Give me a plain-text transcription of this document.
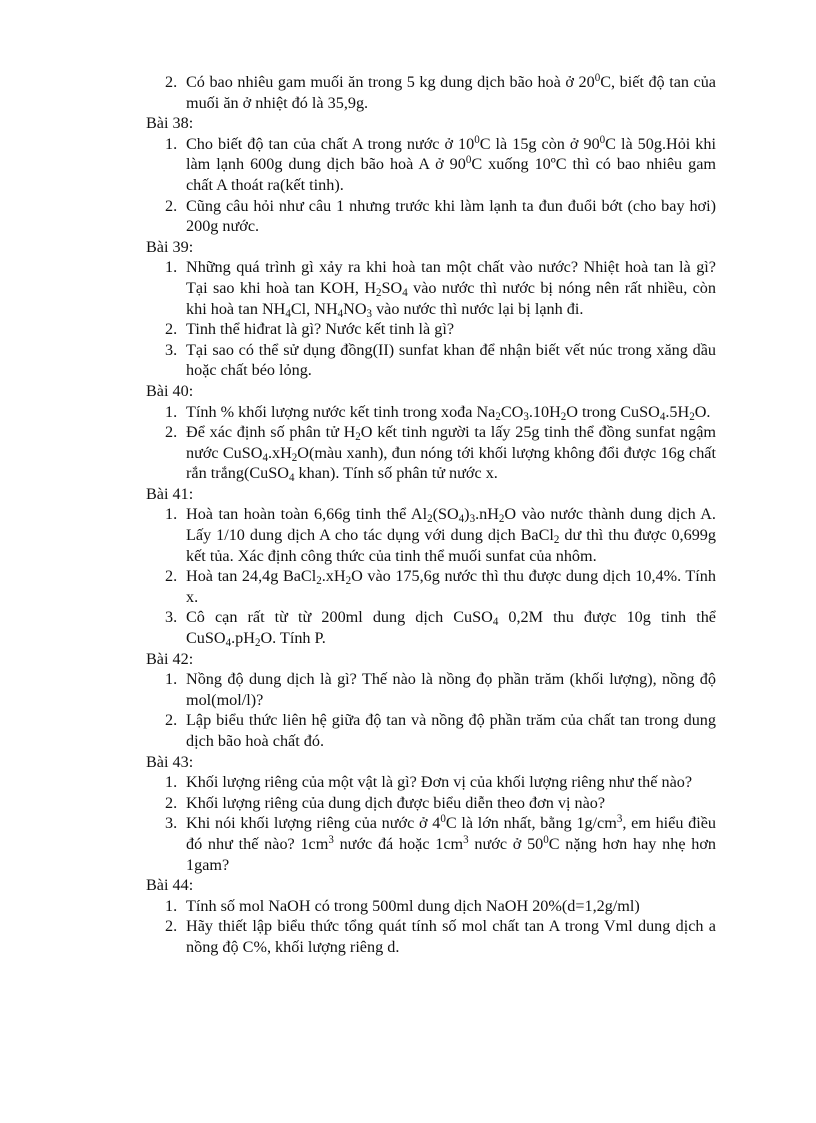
2. Có bao nhiêu gam muối ăn trong 5 kg dung dịch bão hoà ở $20^0C$, biết độ tan của muối ăn ở nhiệt đó là 35,9g.
Bài 38:
1. Cho biết độ tan của chất A trong nước ở $10^0C$ là 15g còn ở $90^0C$ là 50g.Hỏi khi làm lạnh 600g dung dịch bão hoà A ở $90^0C$ xuống 10ºC thì có bao nhiêu gam chất A thoát ra(kết tinh).
2. Cũng câu hỏi như câu 1 nhưng trước khi làm lạnh ta đun đuổi bớt (cho bay hơi) 200g nước.
Bài 39:
1. Những quá trình gì xảy ra khi hoà tan một chất vào nước? Nhiệt hoà tan là gì? Tại sao khi hoà tan KOH, $H_2SO_4$ vào nước thì nước bị nóng nên rất nhiều, còn khi hoà $\tan NH_4Cl$, $NH_4NO_3$ vào nước thì nước lại bị lạnh đi.
2. Tinh thể hiđrat là gì? Nước kết tinh là gì?
3. Tại sao có thể sử dụng đồng(II) sunfat khan để nhận biết vết núc trong xăng dầu hoặc chất béo lỏng.
Bài 40:
1. Tính % khối lượng nước kết tinh trong xođa $Na_2CO_3.10H_2O$ trong $CuSO_4.5H_2O$.
2. Để xác định số phân tử $H_2O$ kết tinh người ta lấy 25g tinh thể đồng sunfat ngậm nước $CuSO_4.xH_2O(màu$ xanh), đun nóng tới khối lượng không đổi được 16g chất rắn trắng(CuSO$_4$ khan). Tính số phân tử nước x.
Bài 41:
1. Hoà tan hoàn toàn 6,66g tinh thể $Al_2(SO_4)_3.nH_2O$ vào nước thành dung dịch A. Lấy 1/10 dung dịch A cho tác dụng với dung dịch BaCl$_2$ dư thì thu được 0,699g kết tủa. Xác định công thức của tinh thể muối sunfat của nhôm.
2. Hoà tan 24,4g $BaCl_2.xH_2O$ vào 175,6g nước thì thu được dung dịch 10,4%. Tính x.
3. Cô cạn rất từ từ 200ml dung dịch CuSO$_4$ 0,2M thu được 10g tinh thể $CuSO_4.pH_2O$. Tính P.
Bài 42:
1. Nồng độ dung dịch là gì? Thế nào là nồng đọ phần trăm (khối lượng), nồng độ mol(mol/l)?
2. Lập biểu thức liên hệ giữa độ tan và nồng độ phần trăm của chất tan trong dung dịch bão hoà chất đó.
Bài 43:
1. Khối lượng riêng của một vật là gì? Đơn vị của khối lượng riêng như thế nào?
2. Khối lượng riêng của dung dịch được biểu diễn theo đơn vị nào?
3. Khi nói khối lượng riêng của nước ở $4^0C$ là lớn nhất, bằng $1g/cm^3$, em hiểu điều đó như thế nào? $1cm^3$ nước đá hoặc $1cm^3$ nước ở $50^0C$ nặng hơn hay nhẹ hơn 1gam?
Bài 44:
1. Tính số mol NaOH có trong 500ml dung dịch NaOH 20%(d=1,2g/ml)
2. Hãy thiết lập biểu thức tổng quát tính số mol chất tan A trong Vml dung dịch a nồng độ C%, khối lượng riêng d.
